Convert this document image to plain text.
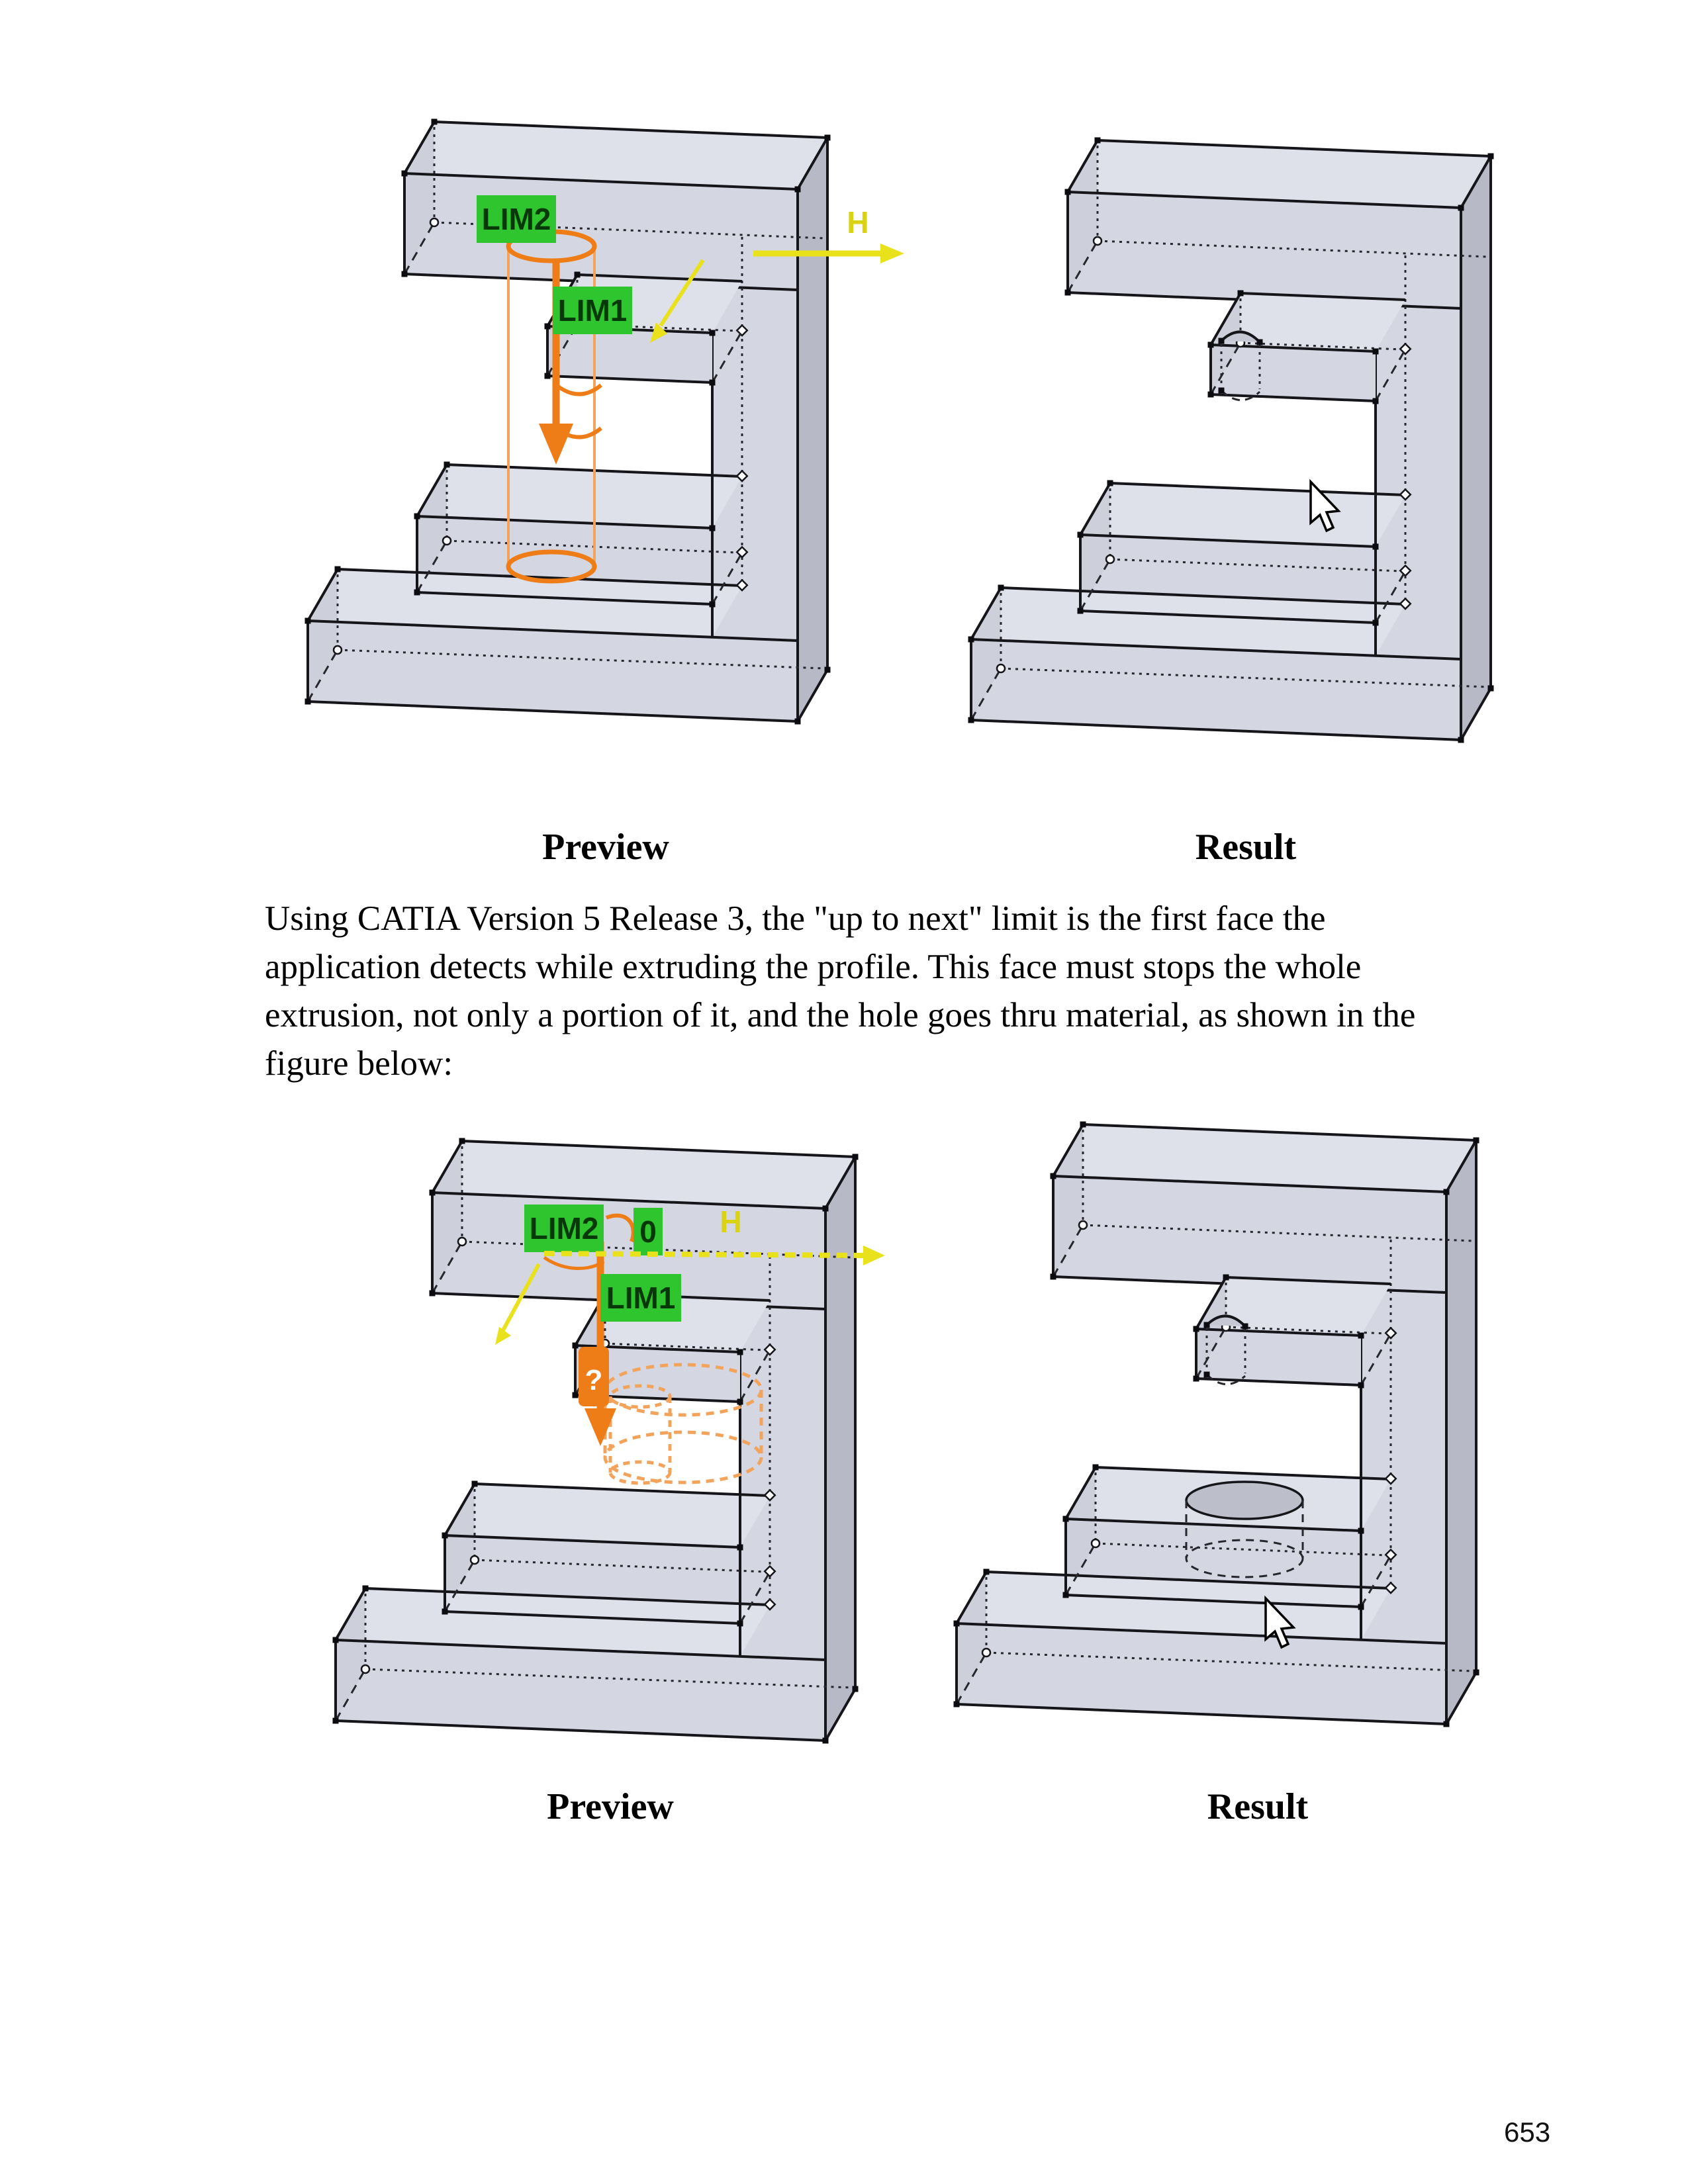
LIM2
LIM1
H
?
LIM2 0
LIM1
H
Preview	Result
Preview	Result
Using CATIA Version 5 Release 3, the "up to next" limit is the first face the
application detects while extruding the profile. This face must stops the whole
extrusion, not only a portion of it, and the hole goes thru material, as shown in the
figure below:
653
